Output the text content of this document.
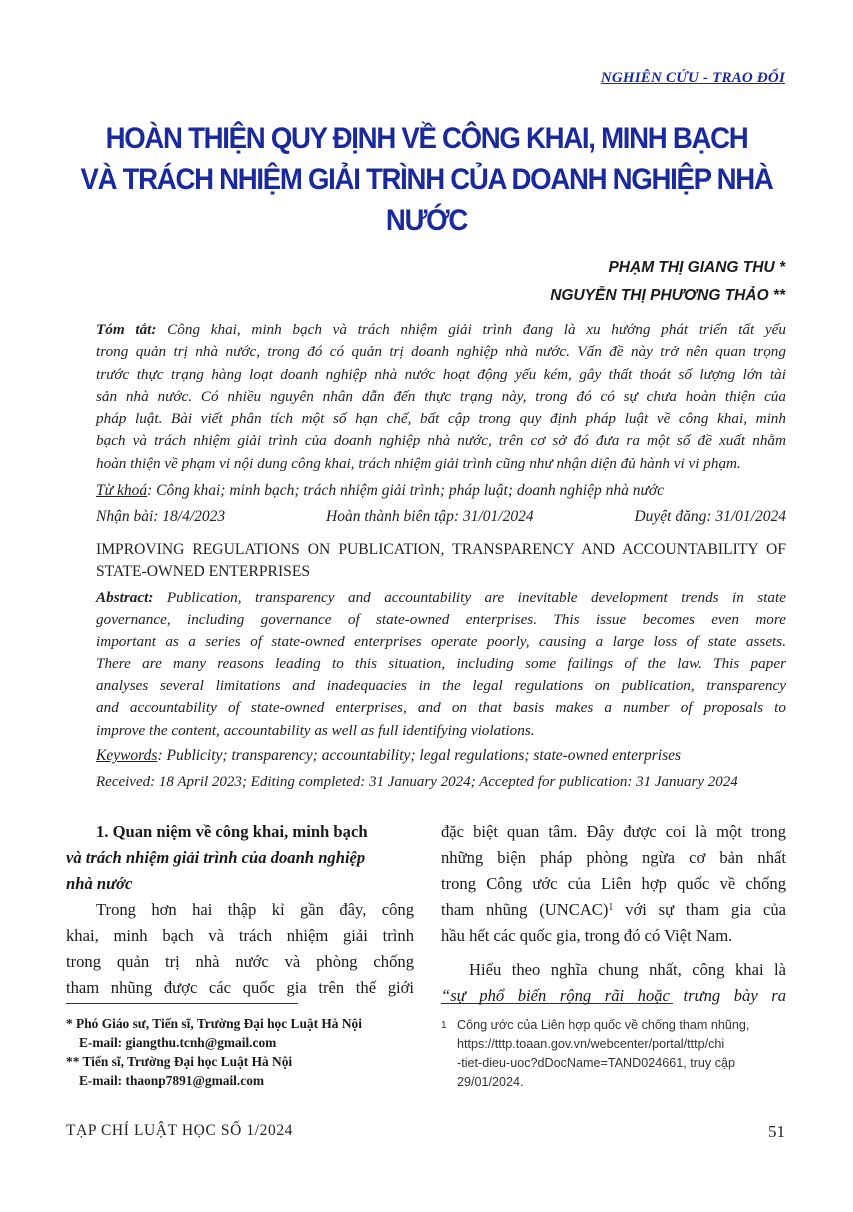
NGHIÊN CỨU - TRAO ĐỔI
HOÀN THIỆN QUY ĐỊNH VỀ CÔNG KHAI, MINH BẠCH
VÀ TRÁCH NHIỆM GIẢI TRÌNH CỦA DOANH NGHIỆP NHÀ NƯỚC
PHẠM THỊ GIANG THU *
NGUYỄN THỊ PHƯƠNG THẢO **
Tóm tắt: Công khai, minh bạch và trách nhiệm giải trình đang là xu hướng phát triển tất yếu
trong quản trị nhà nước, trong đó có quản trị doanh nghiệp nhà nước. Vấn đề này trở nên quan trọng
trước thực trạng hàng loạt doanh nghiệp nhà nước hoạt động yếu kém, gây thất thoát số lượng lớn tài
sản nhà nước. Có nhiều nguyên nhân dẫn đến thực trạng này, trong đó có sự chưa hoàn thiện của
pháp luật. Bài viết phân tích một số hạn chế, bất cập trong quy định pháp luật về công khai, minh
bạch và trách nhiệm giải trình của doanh nghiệp nhà nước, trên cơ sở đó đưa ra một số đề xuất nhằm
hoàn thiện về phạm vi nội dung công khai, trách nhiệm giải trình cũng như nhận diện đủ hành vi vi phạm.
Từ khoá: Công khai; minh bạch; trách nhiệm giải trình; pháp luật; doanh nghiệp nhà nước
Nhận bài: 18/4/2023	Hoàn thành biên tập: 31/01/2024	Duyệt đăng: 31/01/2024
IMPROVING REGULATIONS ON PUBLICATION, TRANSPARENCY AND ACCOUNTABILITY OF STATE-OWNED ENTERPRISES
Abstract: Publication, transparency and accountability are inevitable development trends in state
governance, including governance of state-owned enterprises. This issue becomes even more
important as a series of state-owned enterprises operate poorly, causing a large loss of state assets.
There are many reasons leading to this situation, including some failings of the law. This paper
analyses several limitations and inadequacies in the legal regulations on publication, transparency
and accountability of state-owned enterprises, and on that basis makes a number of proposals to
improve the content, accountability as well as full identifying violations.
Keywords: Publicity; transparency; accountability; legal regulations; state-owned enterprises
Received: 18 April 2023; Editing completed: 31 January 2024; Accepted for publication: 31 January 2024
1. Quan niệm về công khai, minh bạch
và trách nhiệm giải trình của doanh nghiệp
nhà nước
Trong hơn hai thập kỉ gần đây, công
khai, minh bạch và trách nhiệm giải trình
trong quản trị nhà nước và phòng chống
tham nhũng được các quốc gia trên thế giới
đặc biệt quan tâm. Đây được coi là một trong
những biện pháp phòng ngừa cơ bản nhất
trong Công ước của Liên hợp quốc về chống
tham nhũng (UNCAC)$^1$ với sự tham gia của
hầu hết các quốc gia, trong đó có Việt Nam.
Hiểu theo nghĩa chung nhất, công khai là
“sự phổ biến rộng rãi hoặc trưng bày ra
* Phó Giáo sư, Tiến sĩ, Trường Đại học Luật Hà Nội
E-mail: giangthu.tcnh@gmail.com
** Tiến sĩ, Trường Đại học Luật Hà Nội
E-mail: thaonp7891@gmail.com
1 Công ước của Liên hợp quốc về chống tham nhũng,
https://tttp.toaan.gov.vn/webcenter/portal/tttp/chi
-tiet-dieu-uoc?dDocName=TAND024661, truy cập
29/01/2024.
TẠP CHÍ LUẬT HỌC SỐ 1/2024	51
